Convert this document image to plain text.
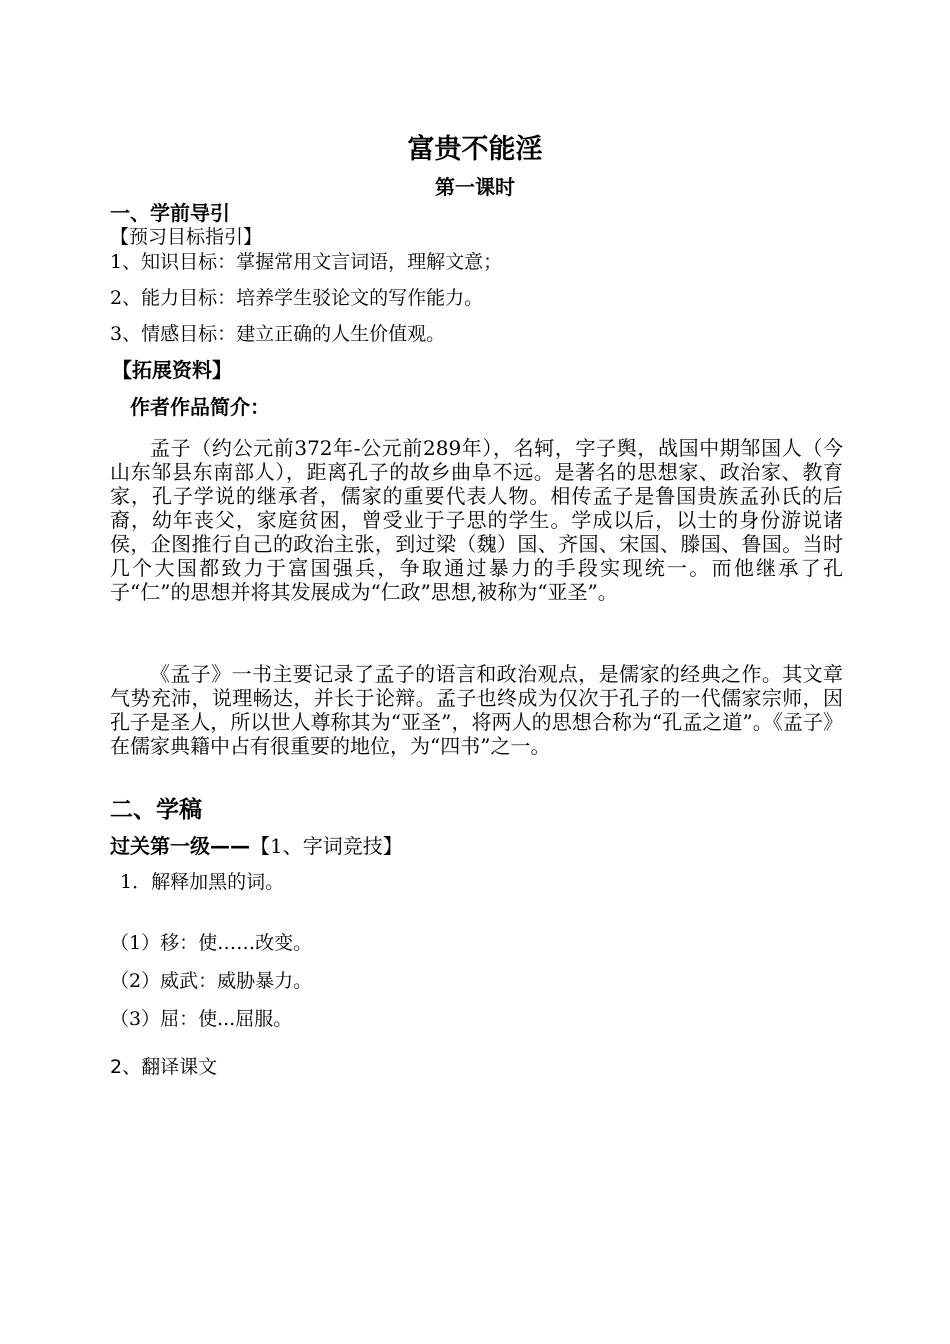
富贵不能淫
第一课时
一、学前导引
【预习目标指引】
1、知识目标：掌握常用文言词语，理解文意；
2、能力目标：培养学生驳论文的写作能力。
3、情感目标：建立正确的人生价值观。
【拓展资料】
作者作品简介：
孟子（约公元前372年-公元前289年），名轲，字子舆，战国中期邹国人（今山东邹县东南部人），距离孔子的故乡曲阜不远。是著名的思想家、政治家、教育家，孔子学说的继承者，儒家的重要代表人物。相传孟子是鲁国贵族孟孙氏的后裔，幼年丧父，家庭贫困，曾受业于子思的学生。学成以后，以士的身份游说诸侯，企图推行自己的政治主张，到过梁（魏）国、齐国、宋国、滕国、鲁国。当时几个大国都致力于富国强兵，争取通过暴力的手段实现统一。而他继承了孔子“仁”的思想并将其发展成为“仁政”思想,被称为“亚圣”。
《孟子》一书主要记录了孟子的语言和政治观点，是儒家的经典之作。其文章气势充沛，说理畅达，并长于论辩。孟子也终成为仅次于孔子的一代儒家宗师，因孔子是圣人，所以世人尊称其为“亚圣”，将两人的思想合称为“孔孟之道”。《孟子》在儒家典籍中占有很重要的地位，为“四书”之一。
二、学稿
过关第一级——【1、字词竞技】
1．解释加黑的词。
（1）移：使……改变。
（2）威武：威胁暴力。
（3）屈：使...屈服。
2、翻译课文
